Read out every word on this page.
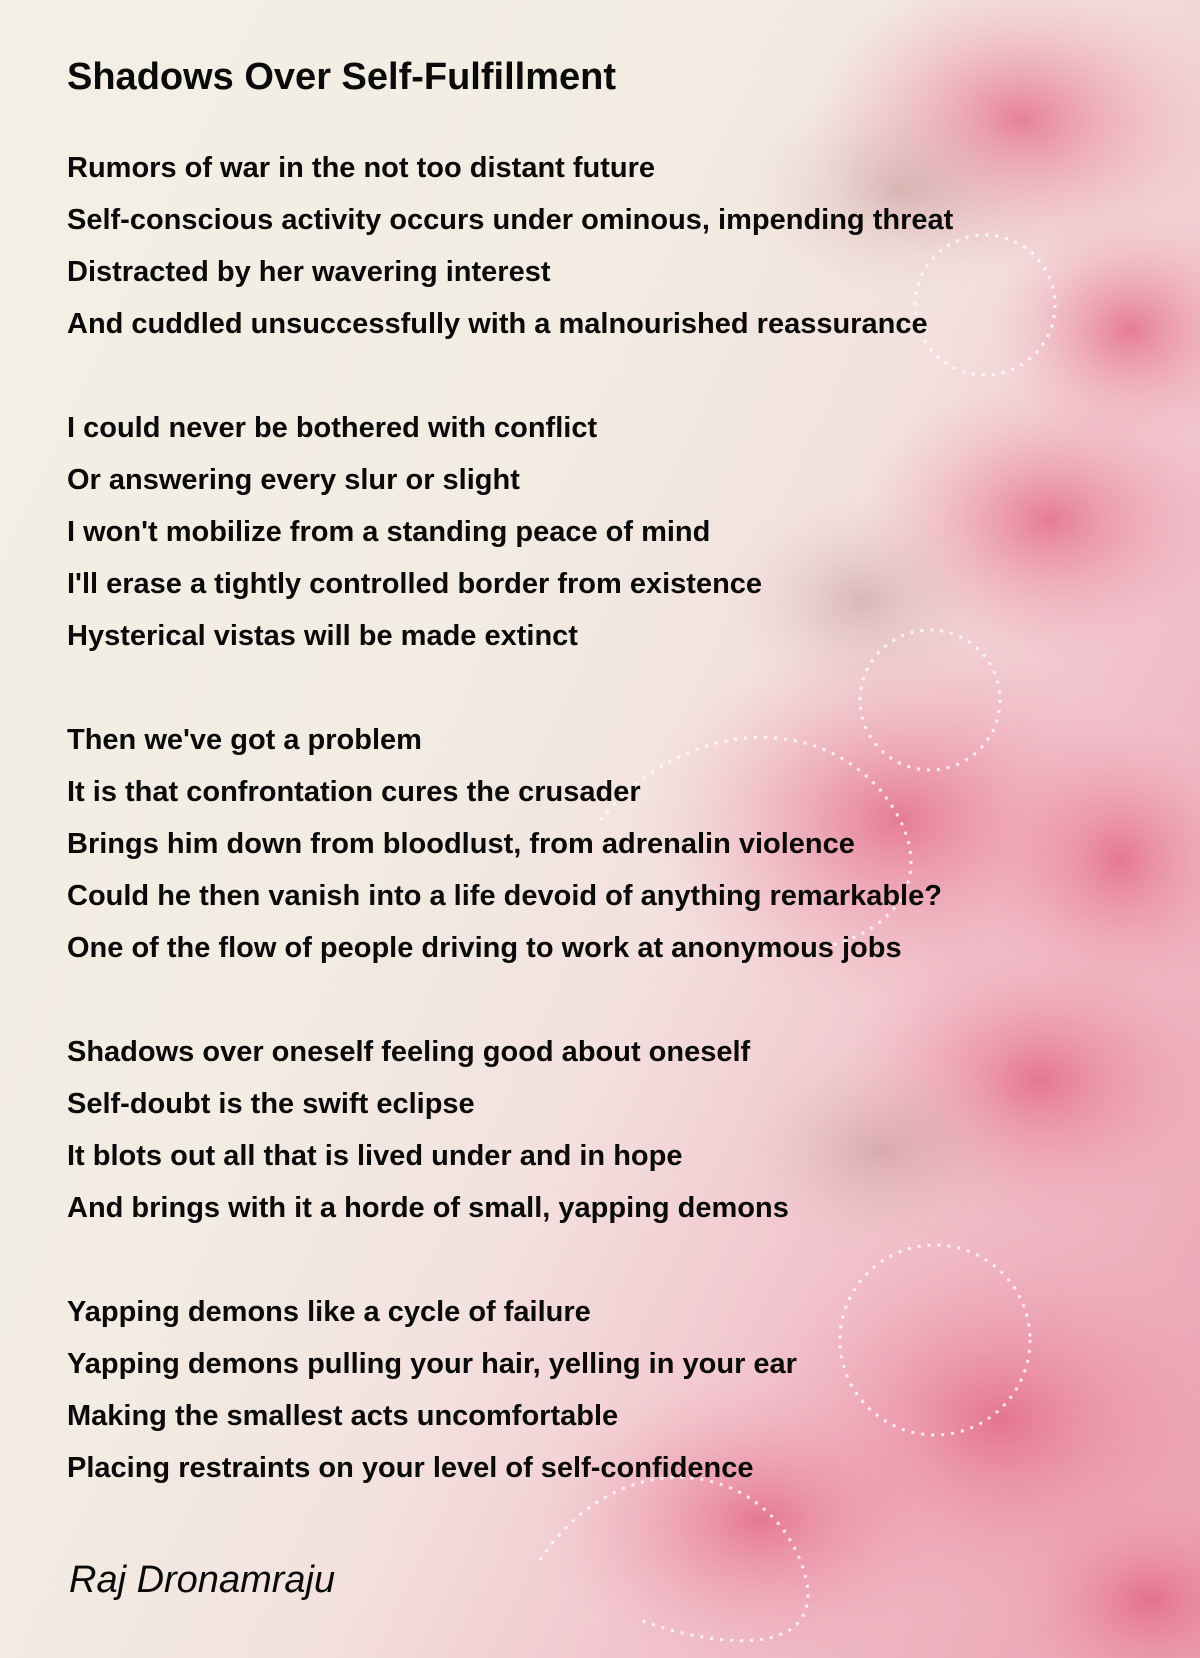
Shadows Over Self-Fulfillment
Rumors of war in the not too distant future
Self-conscious activity occurs under ominous, impending threat
Distracted by her wavering interest
And cuddled unsuccessfully with a malnourished reassurance
I could never be bothered with conflict
Or answering every slur or slight
I won't mobilize from a standing peace of mind
I'll erase a tightly controlled border from existence
Hysterical vistas will be made extinct
Then we've got a problem
It is that confrontation cures the crusader
Brings him down from bloodlust, from adrenalin violence
Could he then vanish into a life devoid of anything remarkable?
One of the flow of people driving to work at anonymous jobs
Shadows over oneself feeling good about oneself
Self-doubt is the swift eclipse
It blots out all that is lived under and in hope
And brings with it a horde of small, yapping demons
Yapping demons like a cycle of failure
Yapping demons pulling your hair, yelling in your ear
Making the smallest acts uncomfortable
Placing restraints on your level of self-confidence
Raj Dronamraju
